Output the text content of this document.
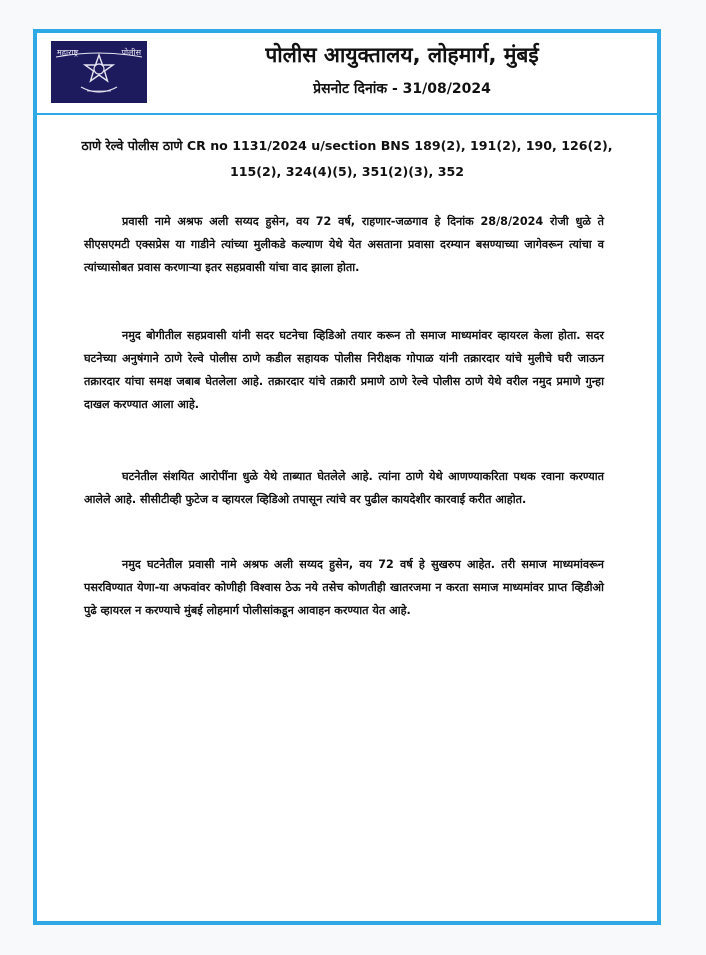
महाराष्ट्र	पोलीस	पोलीस आयुक्तालय, लोहमार्ग, मुंबई
प्रेसनोट दिनांक - 31/08/2024
ठाणे रेल्वे पोलीस ठाणे CR no 1131/2024 u/section BNS 189(2), 191(2), 190, 126(2),
115(2), 324(4)(5), 351(2)(3), 352

प्रवासी नामे अश्रफ अली सय्यद हुसेन, वय 72 वर्ष, राहणार-जळगाव हे दिनांक 28/8/2024 रोजी धुळे ते सीएसएमटी एक्सप्रेस या गाडीने त्यांच्या मुलीकडे कल्याण येथे येत असताना प्रवासा दरम्यान बसण्याच्या जागेवरून त्यांचा व त्यांच्यासोबत प्रवास करणाऱ्या इतर सहप्रवासी यांचा वाद झाला होता.

नमुद बोगीतील सहप्रवासी यांनी सदर घटनेचा व्हिडिओ तयार करून तो समाज माध्यमांवर व्हायरल केला होता. सदर घटनेच्या अनुषंगाने ठाणे रेल्वे पोलीस ठाणे कडील सहायक पोलीस निरीक्षक गोपाळ यांनी तक्रारदार यांचे मुलीचे घरी जाऊन तक्रारदार यांचा समक्ष जबाब घेतलेला आहे. तक्रारदार यांचे तक्रारी प्रमाणे ठाणे रेल्वे पोलीस ठाणे येथे वरील नमुद प्रमाणे गुन्हा दाखल करण्यात आला आहे.

घटनेतील संशयित आरोपींना धुळे येथे ताब्यात घेतलेले आहे. त्यांना ठाणे येथे आणण्याकरिता पथक रवाना करण्यात आलेले आहे. सीसीटीव्ही फुटेज व व्हायरल व्हिडिओ तपासून त्यांचे वर पुढील कायदेशीर कारवाई करीत आहोत.

नमुद घटनेतील प्रवासी नामे अश्रफ अली सय्यद हुसेन, वय 72 वर्ष हे सुखरुप आहेत. तरी समाज माध्यमांवरून पसरविण्यात येणा-या अफवांवर कोणीही विश्वास ठेऊ नये तसेच कोणतीही खातरजमा न करता समाज माध्यमांवर प्राप्त व्हिडीओ पुढे व्हायरल न करण्याचे मुंबई लोहमार्ग पोलीसांकडून आवाहन करण्यात येत आहे.
